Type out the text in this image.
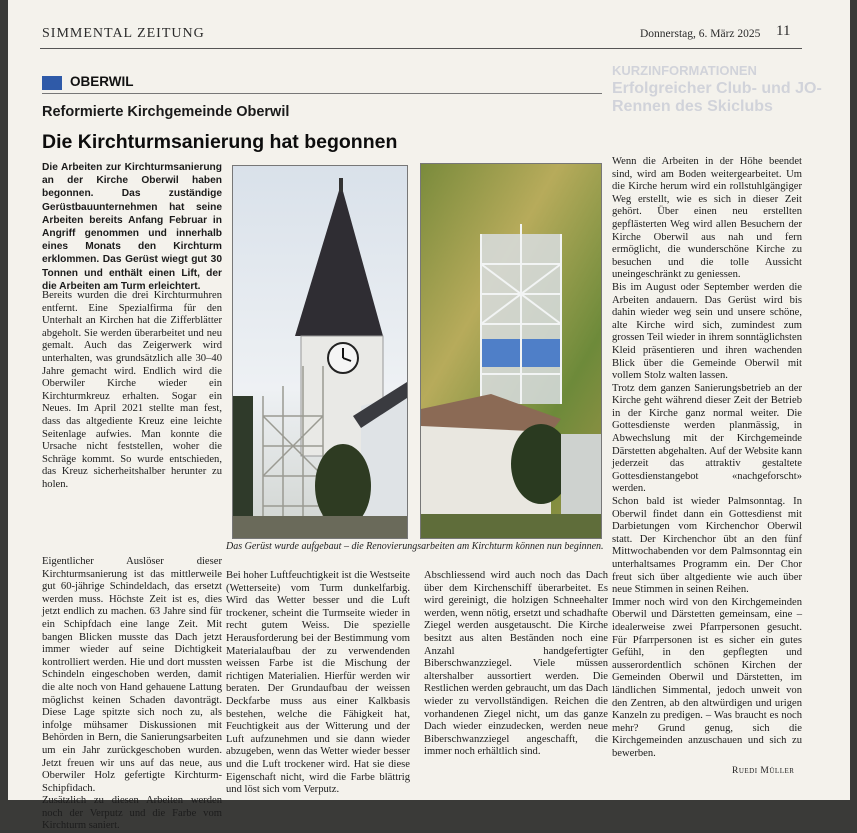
SIMMENTAL ZEITUNG	Donnerstag, 6. März 2025 11
OBERWIL
KURZINFORMATIONEN
Erfolgreicher Club- und JO-Rennen des Skiclubs
Reformierte Kirchgemeinde Oberwil
Die Kirchturmsanierung hat begonnen
Die Arbeiten zur Kirchturmsanierung an der Kirche Oberwil haben begonnen. Das zuständige Gerüstbauunternehmen hat seine Arbeiten bereits Anfang Februar in Angriff genommen und innerhalb eines Monats den Kirchturm erklommen. Das Gerüst wiegt gut 30 Tonnen und enthält einen Lift, der die Arbeiten am Turm erleichtert.

Bereits wurden die drei Kirchturmuhren entfernt. Eine Spezialfirma für den Unterhalt an Kirchen hat die Zifferblätter abgeholt. Sie werden überarbeitet und neu gemalt. Auch das Zeigerwerk wird unterhalten, was grundsätzlich alle 30–40 Jahre gemacht wird. Endlich wird die Oberwiler Kirche wieder ein Kirchturmkreuz erhalten. Sogar ein Neues. Im April 2021 stellte man fest, dass das altgediente Kreuz eine leichte Seitenlage aufwies. Man konnte die Ursache nicht feststellen, woher die Schräge kommt. So wurde entschieden, das Kreuz sicherheitshalber herunter zu holen.

Eigentlicher Auslöser dieser Kirchturmsanierung ist das mittlerweile gut 60-jährige Schindeldach, das ersetzt werden muss. Höchste Zeit ist es, dies jetzt endlich zu machen. 63 Jahre sind für ein Schipfdach eine lange Zeit. Mit bangen Blicken musste das Dach jetzt immer wieder auf seine Dichtigkeit kontrolliert werden. Hie und dort mussten Schindeln eingeschoben werden, damit die alte noch von Hand gehauene Lattung möglichst keinen Schaden davonträgt. Diese Lage spitzte sich noch zu, als infolge mühsamer Diskussionen mit Behörden in Bern, die Sanierungsarbeiten um ein Jahr zurückgeschoben wurden. Jetzt freuen wir uns auf das neue, aus Oberwiler Holz gefertigte Kirchturm-Schipfidach.

Zusätzlich zu diesen Arbeiten werden noch der Verputz und die Farbe vom Kirchturm saniert.

Bei hoher Luftfeuchtigkeit ist die Westseite (Wetterseite) vom Turm dunkelfarbig. Wird das Wetter besser und die Luft trockener, scheint die Turmseite wieder in recht gutem Weiss. Die spezielle Herausforderung bei der Bestimmung vom Materialaufbau der zu verwendenden weissen Farbe ist die Mischung der richtigen Materialien. Hierfür werden wir beraten. Der Grundaufbau der weissen Deckfarbe muss aus einer Kalkbasis bestehen, welche die Fähigkeit hat, Feuchtigkeit aus der Witterung und der Luft aufzunehmen und sie dann wieder abzugeben, wenn das Wetter wieder besser und die Luft trockener wird. Hat sie diese Eigenschaft nicht, wird die Farbe blättrig und löst sich vom Verputz.

Abschliessend wird auch noch das Dach über dem Kirchenschiff überarbeitet. Es wird gereinigt, die holzigen Schneehalter werden, wenn nötig, ersetzt und schadhafte Ziegel werden ausgetauscht. Die Kirche besitzt aus alten Beständen noch eine Anzahl handgefertigter Biberschwanzziegel. Viele müssen altershalber aussortiert werden. Die Restlichen werden gebraucht, um das Dach wieder zu vervollständigen. Reichen die vorhandenen Ziegel nicht, um das ganze Dach wieder einzudecken, werden neue Biberschwanzziegel angeschafft, die immer noch erhältlich sind.

Wenn die Arbeiten in der Höhe beendet sind, wird am Boden weitergearbeitet. Um die Kirche herum wird ein rollstuhlgängiger Weg erstellt, wie es sich in dieser Zeit gehört. Über einen neu erstellten gepflästerten Weg wird allen Besuchern der Kirche Oberwil aus nah und fern ermöglicht, die wunderschöne Kirche zu besuchen und die tolle Aussicht uneingeschränkt zu geniessen.

Bis im August oder September werden die Arbeiten andauern. Das Gerüst wird bis dahin wieder weg sein und unsere schöne, alte Kirche wird sich, zumindest zum grossen Teil wieder in ihrem sonntäglichsten Kleid präsentieren und ihren wachenden Blick über die Gemeinde Oberwil mit vollem Stolz walten lassen.

Trotz dem ganzen Sanierungsbetrieb an der Kirche geht während dieser Zeit der Betrieb in der Kirche ganz normal weiter. Die Gottesdienste werden planmässig, in Abwechslung mit der Kirchgemeinde Därstetten abgehalten. Auf der Website kann jederzeit das attraktiv gestaltete Gottesdienstangebot «nachgeforscht» werden.

Schon bald ist wieder Palmsonntag. In Oberwil findet dann ein Gottesdienst mit Darbietungen vom Kirchenchor Oberwil statt. Der Kirchenchor übt an den fünf Mittwochabenden vor dem Palmsonntag ein unterhaltsames Programm ein. Der Chor freut sich über altgediente wie auch über neue Stimmen in seinen Reihen.

Immer noch wird von den Kirchgemeinden Oberwil und Därstetten gemeinsam, eine – idealerweise zwei Pfarrpersonen gesucht. Für Pfarrpersonen ist es sicher ein gutes Gefühl, in den gepflegten und ausserordentlich schönen Kirchen der Gemeinden Oberwil und Därstetten, im ländlichen Simmental, jedoch unweit von den Zentren, ab den altwürdigen und urigen Kanzeln zu predigen. – Was braucht es noch mehr? Grund genug, sich die Kirchgemeinden anzuschauen und sich zu bewerben.

Ruedi Müller
Das Gerüst wurde aufgebaut – die Renovierungsarbeiten am Kirchturm können nun beginnen.
